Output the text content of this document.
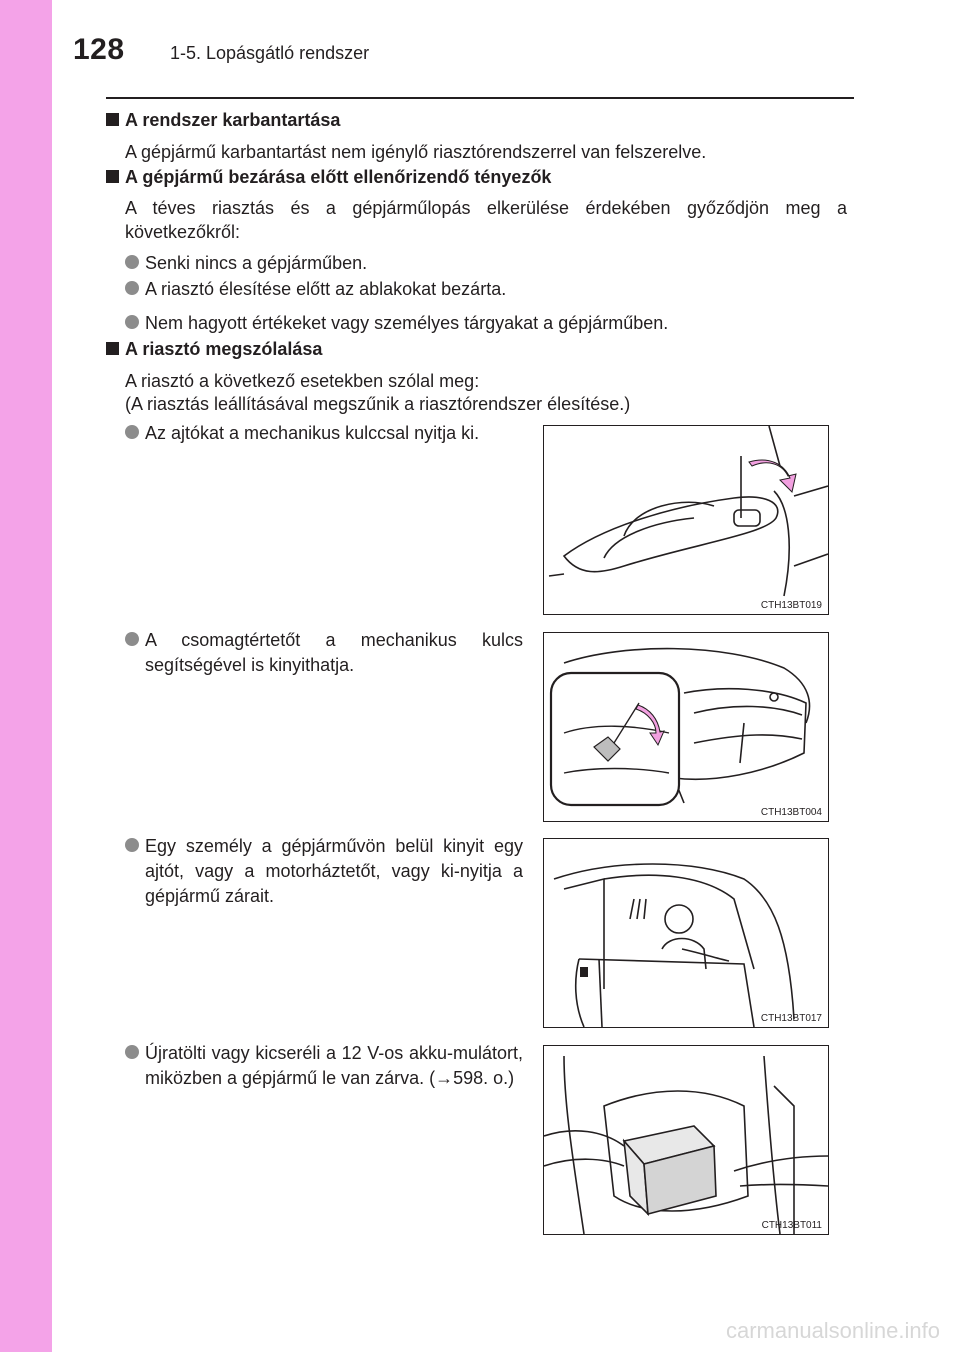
128	1-5. Lopásgátló rendszer
A rendszer karbantartása
A gépjármű karbantartást nem igénylő riasztórendszerrel van felszerelve.
A gépjármű bezárása előtt ellenőrizendő tényezők
A téves riasztás és a gépjárműlopás elkerülése érdekében győződjön meg a következőkről:
Senki nincs a gépjárműben.
A riasztó élesítése előtt az ablakokat bezárta.
Nem hagyott értékeket vagy személyes tárgyakat a gépjárműben.
A riasztó megszólalása
A riasztó a következő esetekben szólal meg:
(A riasztás leállításával megszűnik a riasztórendszer élesítése.)
Az ajtókat a mechanikus kulccsal nyitja ki.
CTH13BT019
A csomagtértetőt a mechanikus kulcs segítségével is kinyithatja.
CTH13BT004
Egy személy a gépjárművön belül kinyit egy ajtót, vagy a motorháztetőt, vagy ki-nyitja a gépjármű zárait.
CTH13BT017
Újratölti vagy kicseréli a 12 V-os akku-mulátort, miközben a gépjármű le van zárva. (→598. o.)
CTH13BT011
carmanualsonline.info
